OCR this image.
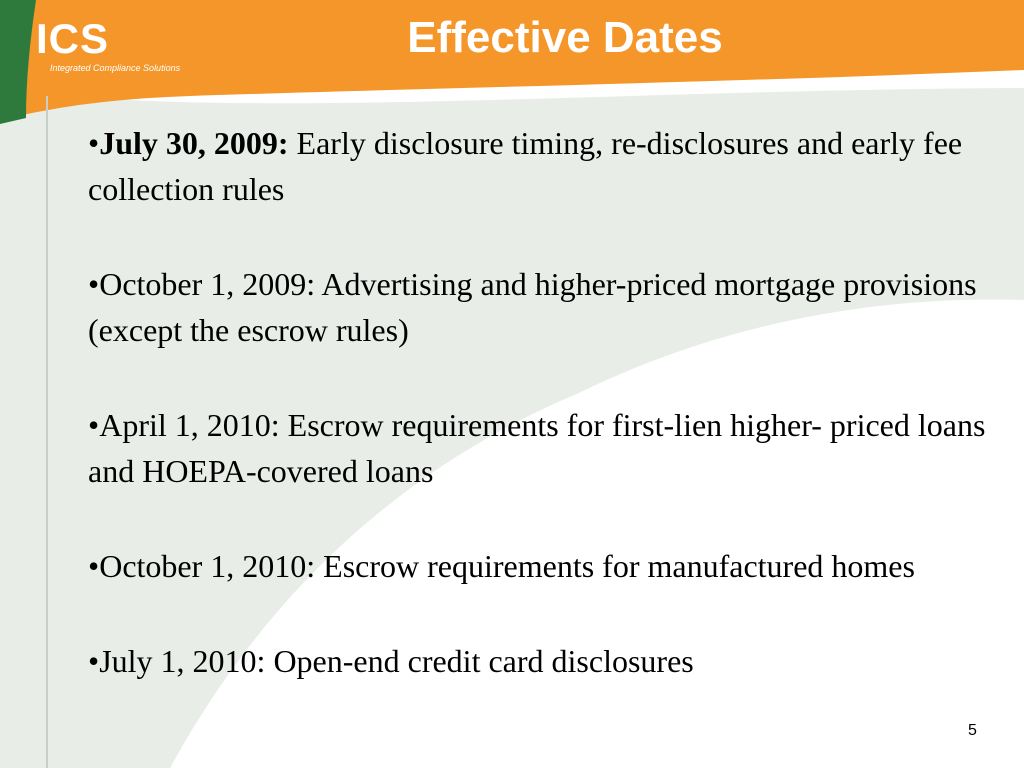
ICS
Integrated Compliance Solutions
Effective Dates

•July 30, 2009: Early disclosure timing, re-disclosures and early fee collection rules

•October 1, 2009: Advertising and higher-priced mortgage provisions (except the escrow rules)

•April 1, 2010: Escrow requirements for first-lien higher- priced loans and HOEPA-covered loans

•October 1, 2010: Escrow requirements for manufactured homes

•July 1, 2010: Open-end credit card disclosures

5
